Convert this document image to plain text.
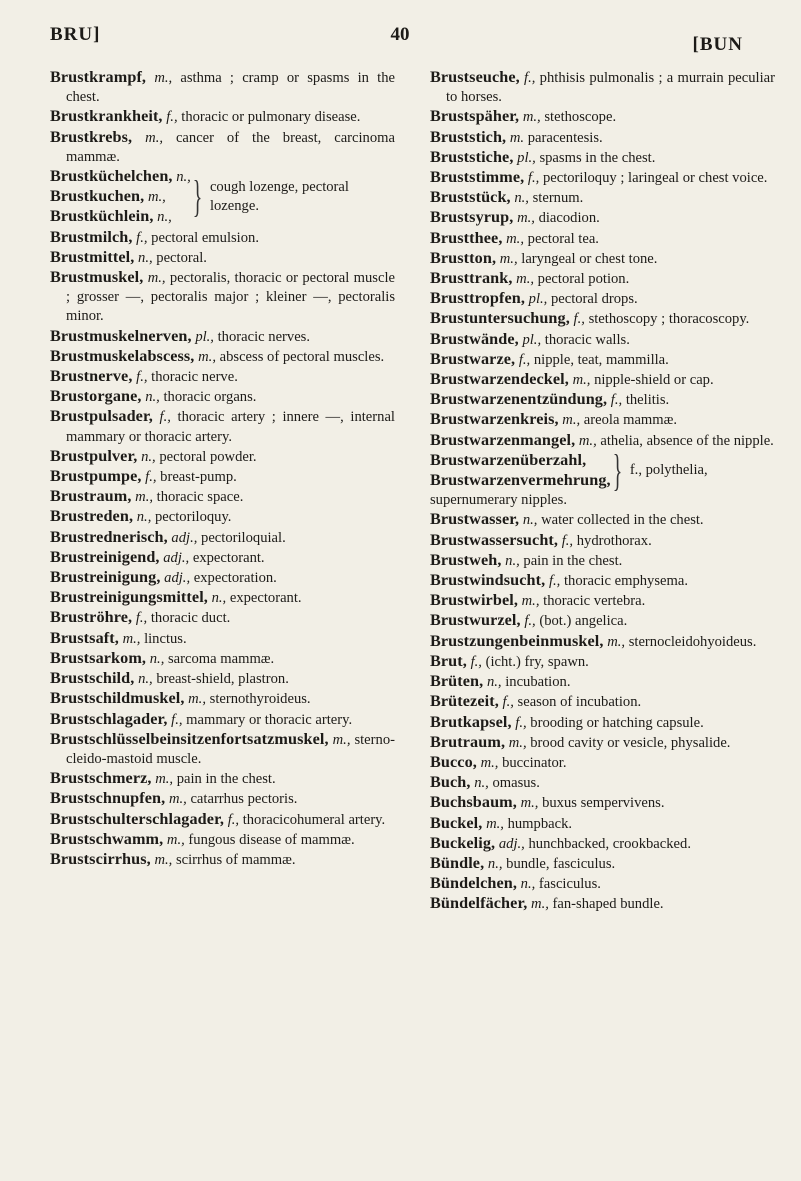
BRU]	40	[BUN

Brustkrampf, m., asthma ; cramp or spasms in the chest.

Brustkrankheit, f., thoracic or pulmonary disease.

Brustkrebs, m., cancer of the breast, carcinoma mammæ.

Brustküchelchen, n.,

Brustkuchen, m.,

Brustküchlein, n., } cough lozenge, pectoral lozenge.

Brustmilch, f., pectoral emulsion.

Brustmittel, n., pectoral.

Brustmuskel, m., pectoralis, thoracic or pectoral muscle ; grosser —, pectoralis major ; kleiner —, pectoralis minor.

Brustmuskelnerven, pl., thoracic nerves.

Brustmuskelabscess, m., abscess of pectoral muscles.

Brustnerve, f., thoracic nerve.

Brustorgane, n., thoracic organs.

Brustpulsader, f., thoracic artery ; innere —, internal mammary or thoracic artery.

Brustpulver, n., pectoral powder.

Brustpumpe, f., breast-pump.

Brustraum, m., thoracic space.

Brustreden, n., pectoriloquy.

Brustrednerisch, adj., pectoriloquial.

Brustreinigend, adj., expectorant.

Brustreinigung, adj., expectoration.

Brustreinigungsmittel, n., expectorant.

Bruströhre, f., thoracic duct.

Brustsaft, m., linctus.

Brustsarkom, n., sarcoma mammæ.

Brustschild, n., breast-shield, plastron.

Brustschildmuskel, m., sternothyroideus.

Brustschlagader, f., mammary or thoracic artery.

Brustschlüsselbeinsitzenfortsatzmuskel, m., sterno-cleido-mastoid muscle.

Brustschmerz, m., pain in the chest.

Brustschnupfen, m., catarrhus pectoris.

Brustschulterschlagader, f., thoracicohumeral artery.

Brustschwamm, m., fungous disease of mammæ.

Brustscirrhus, m., scirrhus of mammæ.

Brustseuche, f., phthisis pulmonalis ; a murrain peculiar to horses.

Brustspäher, m., stethoscope.

Bruststich, m. paracentesis.

Bruststiche, pl., spasms in the chest.

Bruststimme, f., pectoriloquy ; laringeal or chest voice.

Bruststück, n., sternum.

Brustsyrup, m., diacodion.

Brustthee, m., pectoral tea.

Brustton, m., laryngeal or chest tone.

Brusttrank, m., pectoral potion.

Brusttropfen, pl., pectoral drops.

Brustuntersuchung, f., stethoscopy ; thoracoscopy.

Brustwände, pl., thoracic walls.

Brustwarze, f., nipple, teat, mammilla.

Brustwarzendeckel, m., nipple-shield or cap.

Brustwarzenentzündung, f., thelitis.

Brustwarzenkreis, m., areola mammæ.

Brustwarzenmangel, m., athelia, absence of the nipple.

Brustwarzenüberzahl,

Brustwarzenvermehrung, } f., polythelia,

supernumerary nipples.

Brustwasser, n., water collected in the chest.

Brustwassersucht, f., hydrothorax.

Brustweh, n., pain in the chest.

Brustwindsucht, f., thoracic emphysema.

Brustwirbel, m., thoracic vertebra.

Brustwurzel, f., (bot.) angelica.

Brustzungenbeinmuskel, m., sternocleidohyoideus.

Brut, f., (icht.) fry, spawn.

Brüten, n., incubation.

Brütezeit, f., season of incubation.

Brutkapsel, f., brooding or hatching capsule.

Brutraum, m., brood cavity or vesicle, physalide.

Bucco, m., buccinator.

Buch, n., omasus.

Buchsbaum, m., buxus sempervivens.

Buckel, m., humpback.

Buckelig, adj., hunchbacked, crookbacked.

Bündle, n., bundle, fasciculus.

Bündelchen, n., fasciculus.

Bündelfächer, m., fan-shaped bundle.
